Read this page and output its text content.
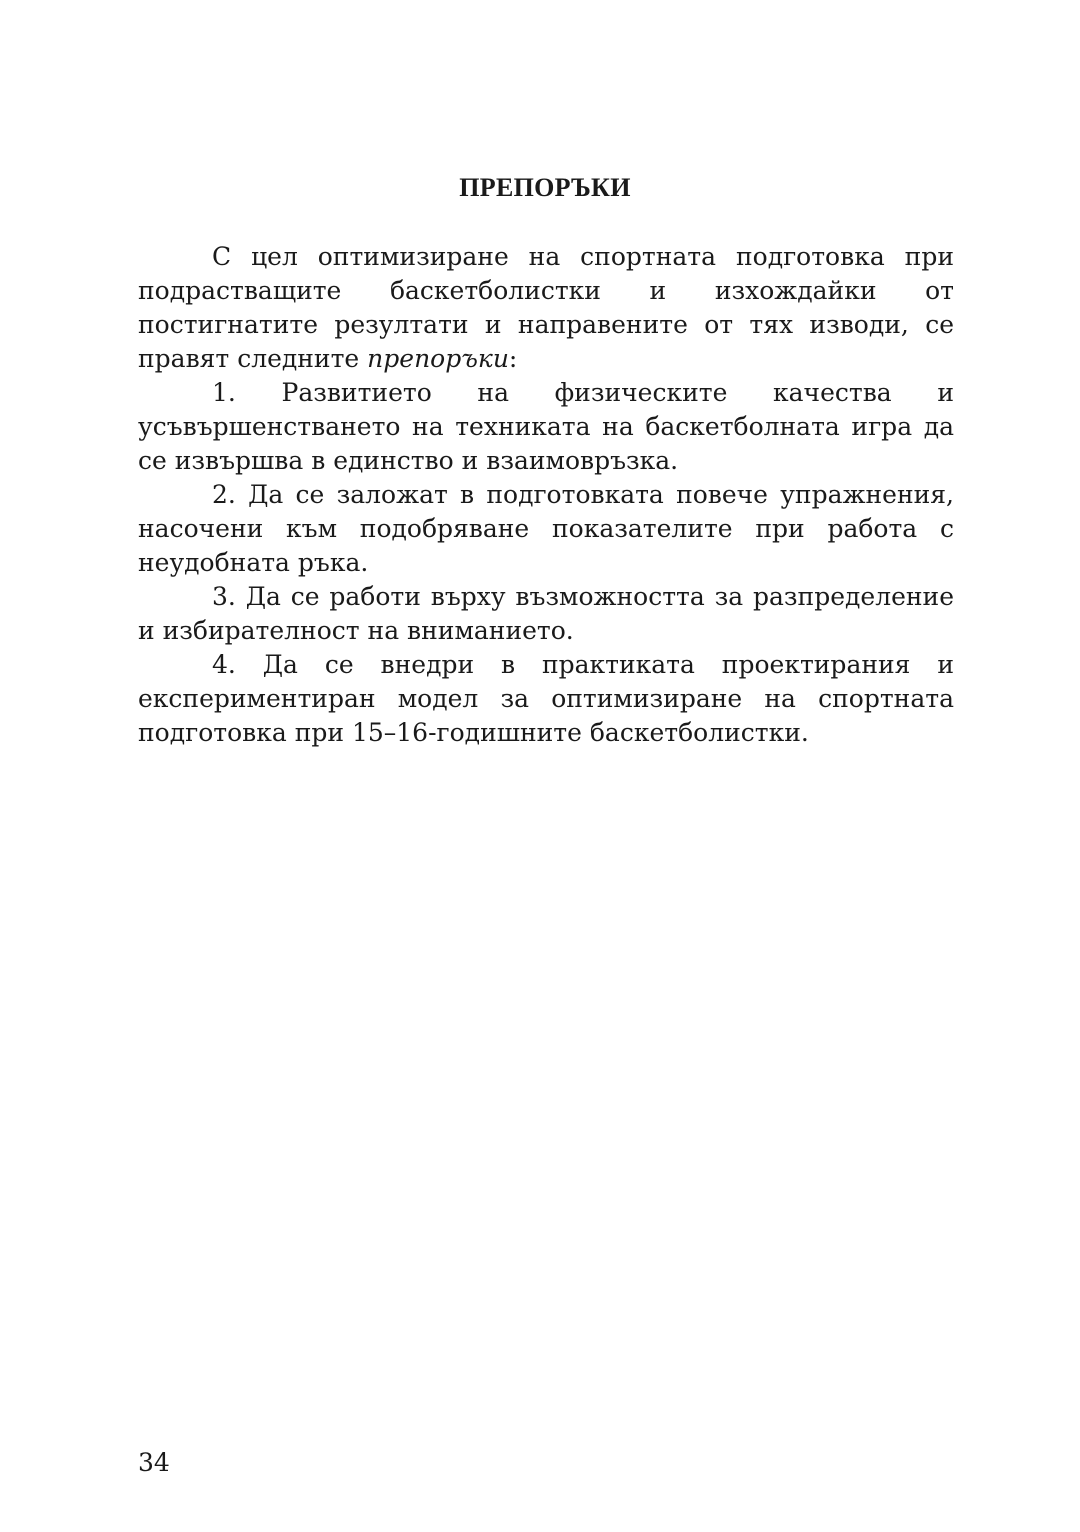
ПРЕПОРЪКИ

С цел оптимизиране на спортната подготовка при подрастващите баскетболистки и изхождайки от постигнатите резултати и направените от тях изводи, се правят следните препоръки:

1. Развитието на физическите качества и усъвършенстването на техниката на баскетболната игра да се извършва в единство и взаимовръзка.

2. Да се заложат в подготовката повече упражнения, насочени към подобряване показателите при работа с неудобната ръка.

3. Да се работи върху възможността за разпределение и избирателност на вниманието.

4. Да се внедри в практиката проектирания и експериментиран модел за оптимизиране на спортната подготовка при 15–16-годишните баскетболистки.

34
